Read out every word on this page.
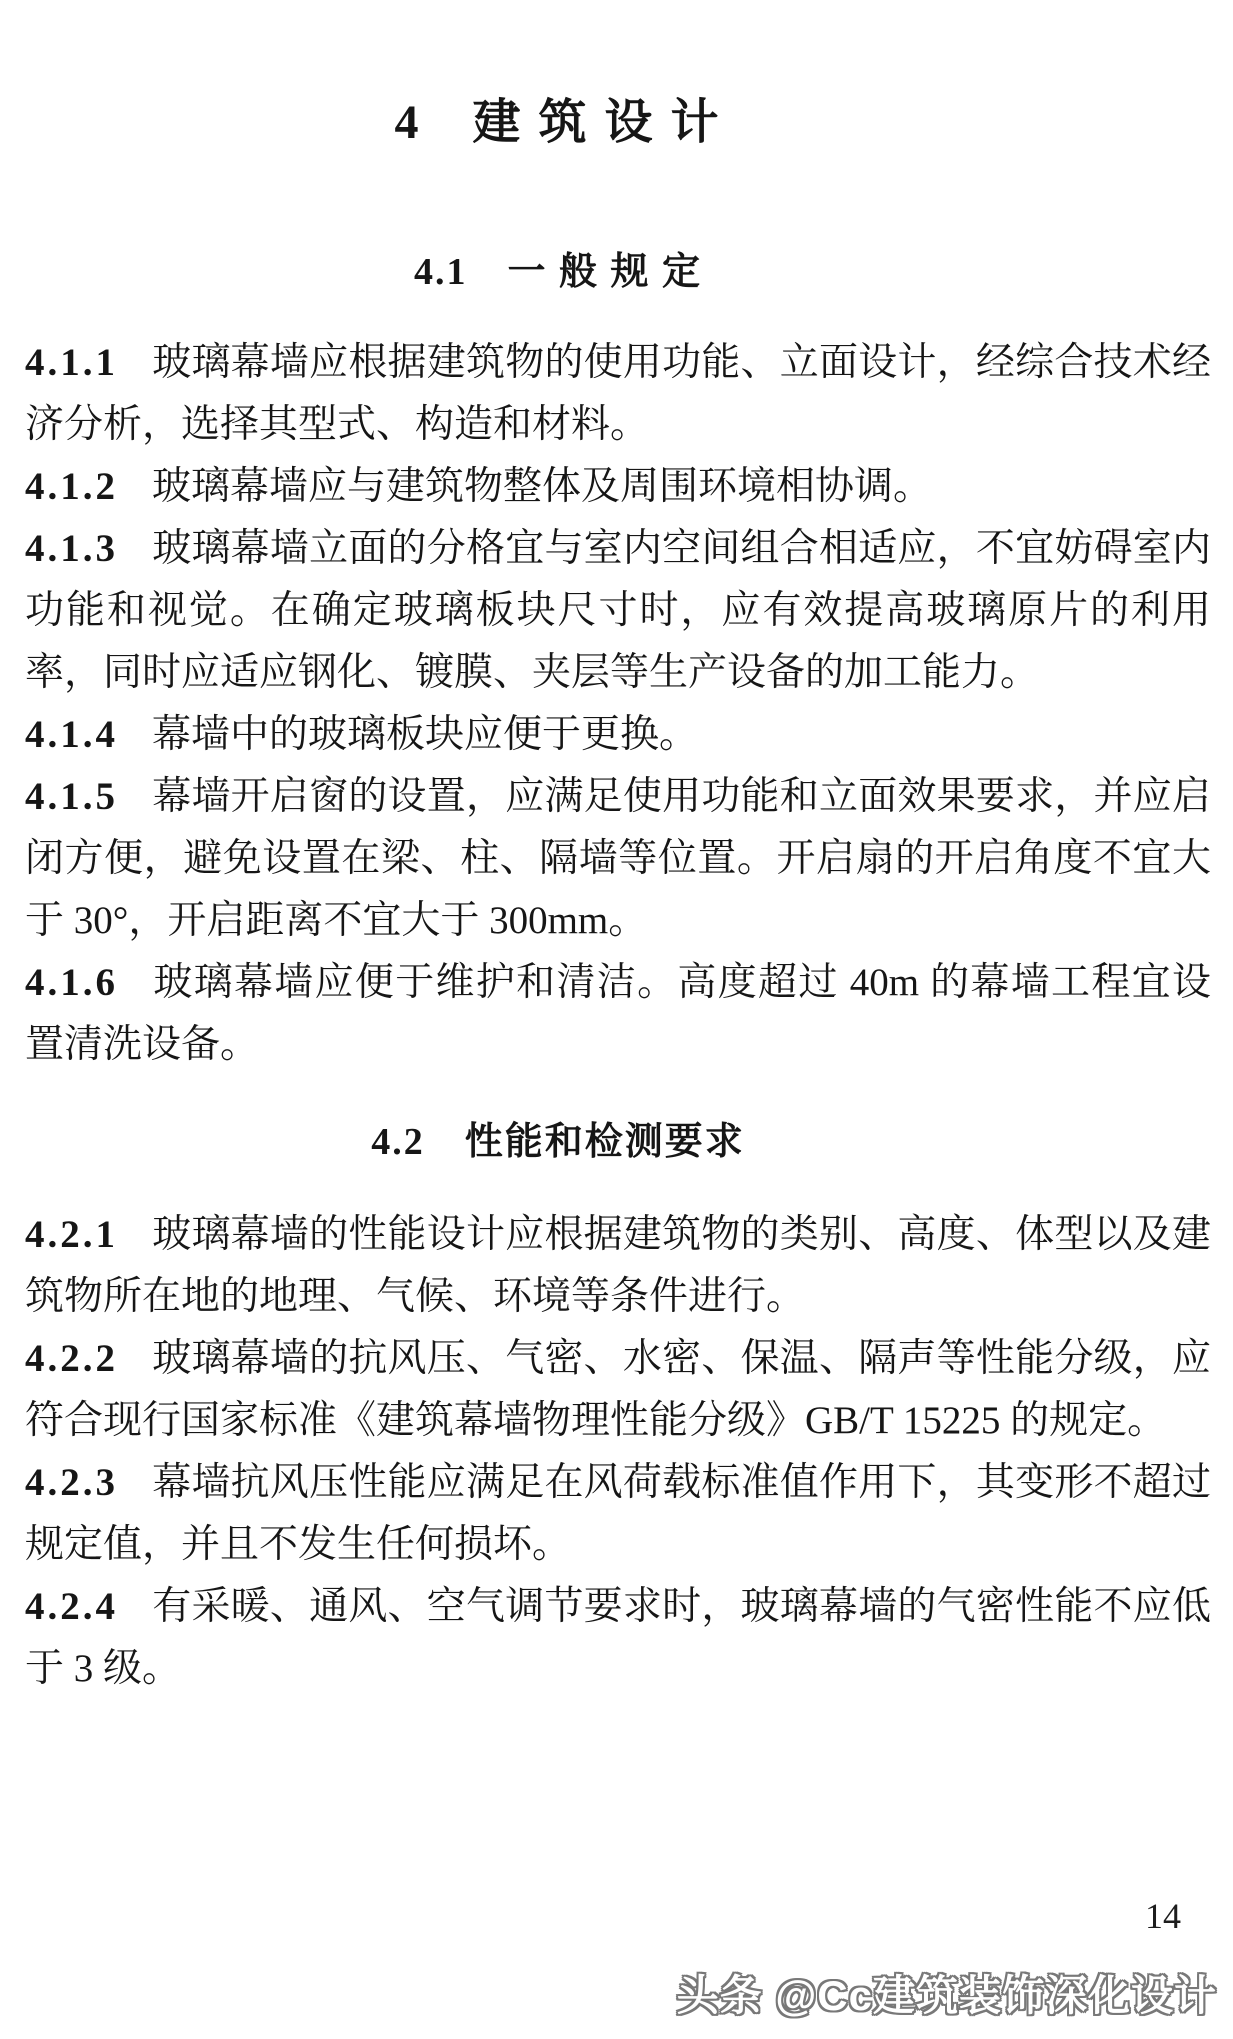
4　建 筑 设 计
4.1　一 般 规 定

4.1.1 玻璃幕墙应根据建筑物的使用功能、立面设计，经综合技术经济分析，选择其型式、构造和材料。

4.1.2 玻璃幕墙应与建筑物整体及周围环境相协调。

4.1.3 玻璃幕墙立面的分格宜与室内空间组合相适应，不宜妨碍室内功能和视觉。在确定玻璃板块尺寸时，应有效提高玻璃原片的利用率，同时应适应钢化、镀膜、夹层等生产设备的加工能力。

4.1.4 幕墙中的玻璃板块应便于更换。

4.1.5 幕墙开启窗的设置，应满足使用功能和立面效果要求，并应启闭方便，避免设置在梁、柱、隔墙等位置。开启扇的开启角度不宜大于 30°，开启距离不宜大于 300mm。

4.1.6 玻璃幕墙应便于维护和清洁。高度超过 40m 的幕墙工程宜设置清洗设备。

4.2　性能和检测要求

4.2.1 玻璃幕墙的性能设计应根据建筑物的类别、高度、体型以及建筑物所在地的地理、气候、环境等条件进行。

4.2.2 玻璃幕墙的抗风压、气密、水密、保温、隔声等性能分级，应符合现行国家标准《建筑幕墙物理性能分级》GB/T 15225 的规定。

4.2.3 幕墙抗风压性能应满足在风荷载标准值作用下，其变形不超过规定值，并且不发生任何损坏。

4.2.4 有采暖、通风、空气调节要求时，玻璃幕墙的气密性能不应低于 3 级。

14
头条 @Cc建筑装饰深化设计
